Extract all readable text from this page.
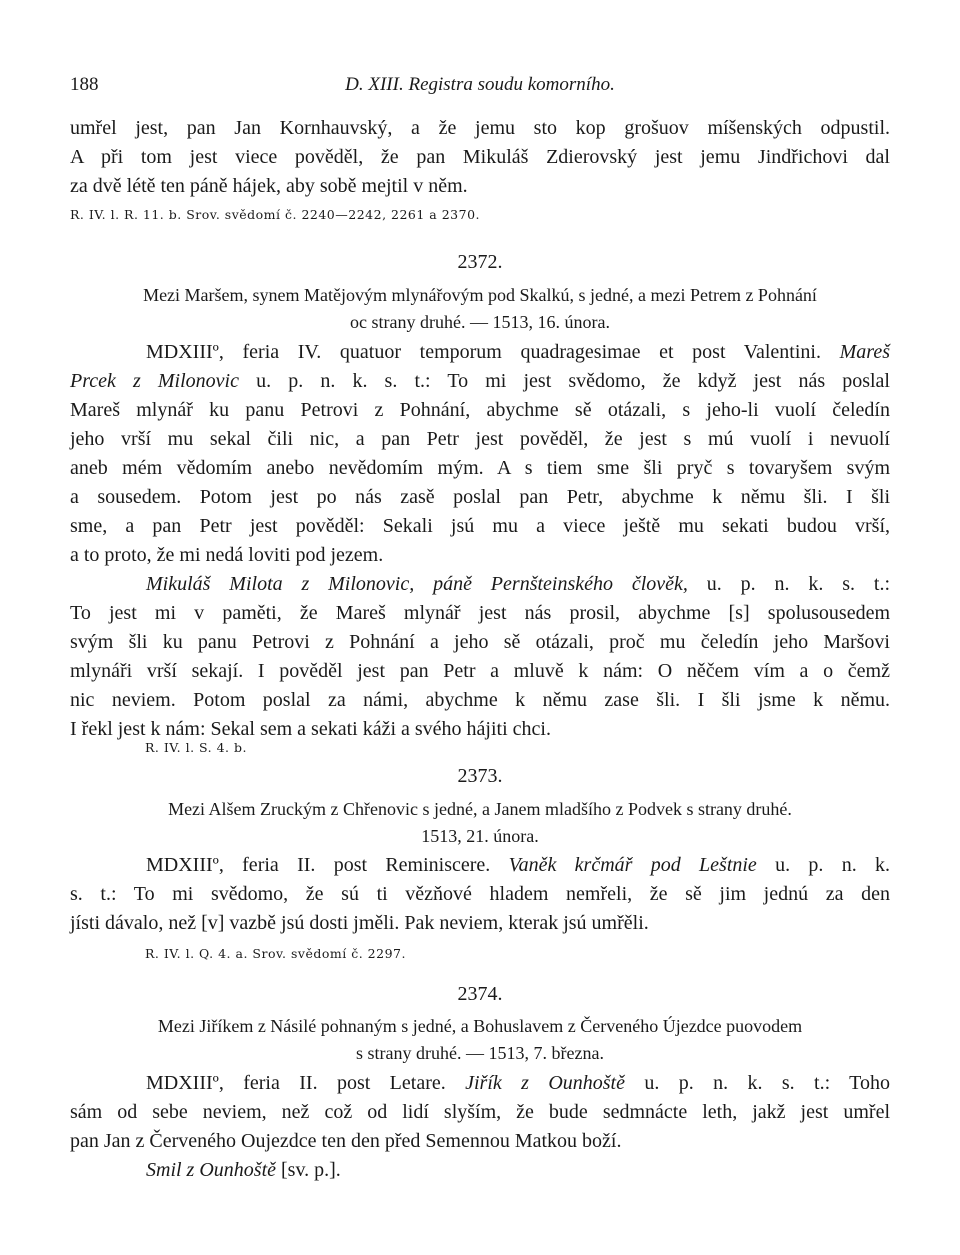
188	D. XIII. Registra soudu komorního.
umřel jest, pan Jan Kornhauvský, a že jemu sto kop grošuov míšenských odpustil.
A při tom jest viece pověděl, že pan Mikuláš Zdierovský jest jemu Jindřichovi dal
za dvě létě ten páně hájek, aby sobě mejtil v něm.
R. IV. l. R. 11. b. Srov. svědomí č. 2240—2242, 2261 a 2370.
2372.
Mezi Maršem, synem Matějovým mlynářovým pod Skalkú, s jedné, a mezi Petrem z Pohnání
oc strany druhé. — 1513, 16. února.
MDXIIIº, feria IV. quatuor temporum quadragesimae et post Valentini. Mareš
Prcek z Milonovic u. p. n. k. s. t.: To mi jest svědomo, že když jest nás poslal
Mareš mlynář ku panu Petrovi z Pohnání, abychme sě otázali, s jeho-li vuolí čeledín
jeho vrší mu sekal čili nic, a pan Petr jest pověděl, že jest s mú vuolí i nevuolí
aneb mém vědomím anebo nevědomím mým. A s tiem sme šli pryč s tovaryšem svým
a sousedem. Potom jest po nás zasě poslal pan Petr, abychme k němu šli. I šli
sme, a pan Petr jest pověděl: Sekali jsú mu a viece ještě mu sekati budou vrší,
a to proto, že mi nedá loviti pod jezem.
Mikuláš Milota z Milonovic, páně Pernšteinského člověk, u. p. n. k. s. t.:
To jest mi v paměti, že Mareš mlynář jest nás prosil, abychme [s] spolusousedem
svým šli ku panu Petrovi z Pohnání a jeho sě otázali, proč mu čeledín jeho Maršovi
mlynáři vrší sekají. I pověděl jest pan Petr a mluvě k nám: O něčem vím a o čemž
nic neviem. Potom poslal za námi, abychme k němu zase šli. I šli jsme k němu.
I řekl jest k nám: Sekal sem a sekati káži a svého hájiti chci.
R. IV. l. S. 4. b.
2373.
Mezi Alšem Zruckým z Chřenovic s jedné, a Janem mladšího z Podvek s strany druhé.
1513, 21. února.
MDXIIIº, feria II. post Reminiscere. Vaněk krčmář pod Leštnie u. p. n. k.
s. t.: To mi svědomo, že sú ti vězňové hladem nemřeli, že sě jim jednú za den
jísti dávalo, než [v] vazbě jsú dosti jměli. Pak neviem, kterak jsú umřěli.
R. IV. l. Q. 4. a. Srov. svědomí č. 2297.
2374.
Mezi Jiříkem z Násilé pohnaným s jedné, a Bohuslavem z Červeného Újezdce puovodem
s strany druhé. — 1513, 7. března.
MDXIIIº, feria II. post Letare. Jiřík z Ounhoště u. p. n. k. s. t.: Toho
sám od sebe neviem, než což od lidí slyším, že bude sedmnácte leth, jakž jest umřel
pan Jan z Červeného Oujezdce ten den před Semennou Matkou boží.
Smil z Ounhoště [sv. p.].
